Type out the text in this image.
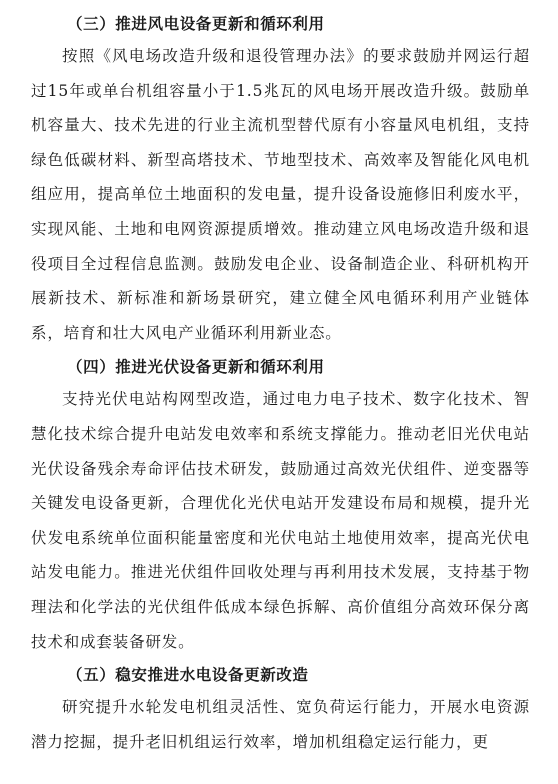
（三）推进风电设备更新和循环利用

按照《风电场改造升级和退役管理办法》的要求鼓励并网运行超过15年或单台机组容量小于1.5兆瓦的风电场开展改造升级。鼓励单机容量大、技术先进的行业主流机型替代原有小容量风电机组，支持绿色低碳材料、新型高塔技术、节地型技术、高效率及智能化风电机组应用，提高单位土地面积的发电量，提升设备设施修旧利废水平，实现风能、土地和电网资源提质增效。推动建立风电场改造升级和退役项目全过程信息监测。鼓励发电企业、设备制造企业、科研机构开展新技术、新标准和新场景研究，建立健全风电循环利用产业链体系，培育和壮大风电产业循环利用新业态。

（四）推进光伏设备更新和循环利用

支持光伏电站构网型改造，通过电力电子技术、数字化技术、智慧化技术综合提升电站发电效率和系统支撑能力。推动老旧光伏电站光伏设备残余寿命评估技术研发，鼓励通过高效光伏组件、逆变器等关键发电设备更新，合理优化光伏电站开发建设布局和规模，提升光伏发电系统单位面积能量密度和光伏电站土地使用效率，提高光伏电站发电能力。推进光伏组件回收处理与再利用技术发展，支持基于物理法和化学法的光伏组件低成本绿色拆解、高价值组分高效环保分离技术和成套装备研发。

（五）稳安推进水电设备更新改造

研究提升水轮发电机组灵活性、宽负荷运行能力，开展水电资源潜力挖掘，提升老旧机组运行效率，增加机组稳定运行能力，更
